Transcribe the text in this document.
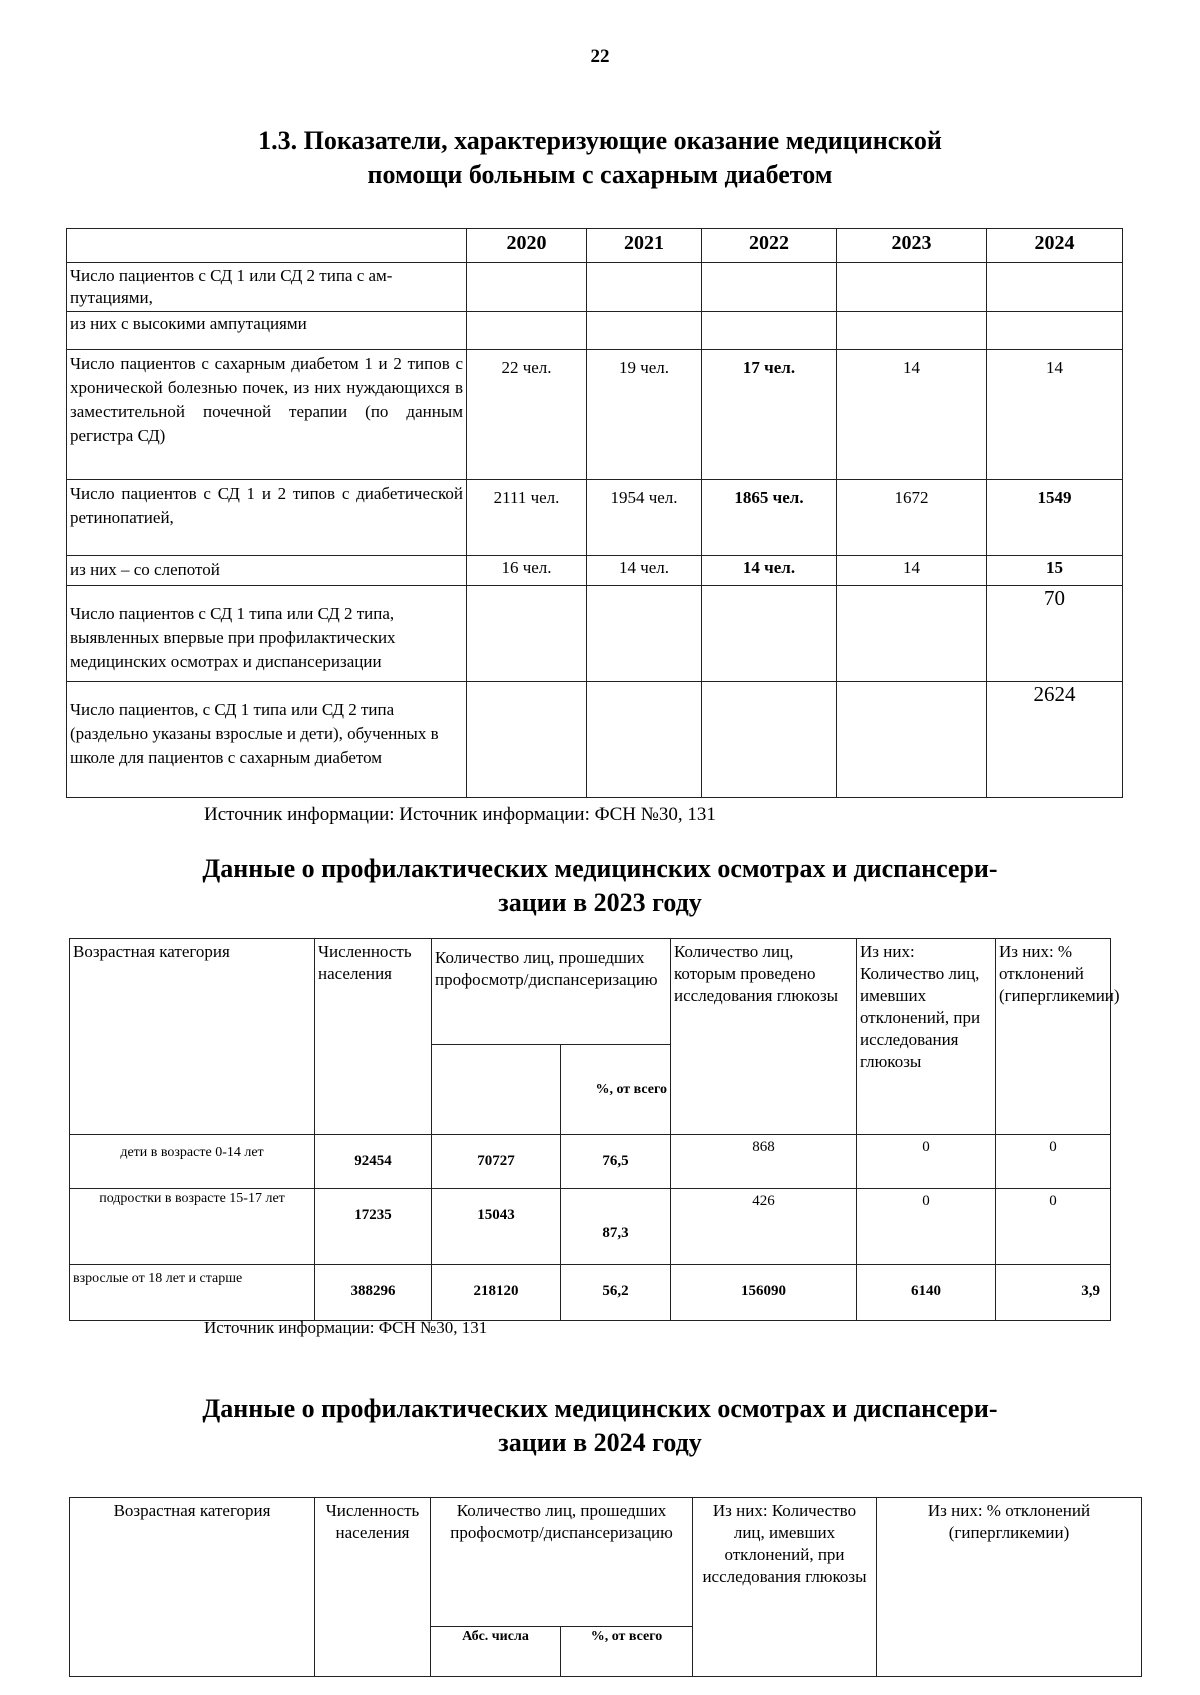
22
1.3. Показатели, характеризующие оказание медицинской
помощи больным с сахарным диабетом
	2020	2021	2022	2023	2024
Число пациентов с СД 1 или СД 2 типа с ам-
путациями,					
из них с высокими ампутациями					
Число пациентов с сахарным диабетом 1 и 2 типов с хронической болезнью почек, из них нуждающихся в заместительной почечной терапии (по данным регистра СД)	22 чел.	19 чел.	17 чел.	14	14
Число пациентов с СД 1 и 2 типов с диабетической ретинопатией,	2111 чел.	1954 чел.	1865 чел.	1672	1549
из них – со слепотой	16 чел.	14 чел.	14 чел.	14	15
Число пациентов с СД 1 типа или СД 2 типа, выявленных впервые при профилактических медицинских осмотрах и диспансеризации					70
Число пациентов, с СД 1 типа или СД 2 типа (раздельно указаны взрослые и дети), обученных в школе для пациентов с сахарным диабетом					2624
Источник информации: Источник информации: ФСН №30, 131
Данные о профилактических медицинских осмотрах и диспансери-
зации в 2023 году
Возрастная категория	Численность населения	Количество лиц, прошедших профосмотр/диспансеризацию		Количество лиц, которым проведено исследования глюкозы	Из них: Количество лиц, имевших отклонений, при исследования глюкозы	Из них: % отклонений (гипергликемии)
			%, от всего			
дети в возрасте 0-14 лет	92454	70727	76,5	868	0	0
подростки в возрасте 15-17 лет	17235	15043	87,3	426	0	0
взрослые от 18 лет и старше	388296	218120	56,2	156090	6140	3,9
Источник информации: ФСН №30, 131
Данные о профилактических медицинских осмотрах и диспансери-
зации в 2024 году
Возрастная категория	Численность населения	Количество лиц, прошедших профосмотр/диспансеризацию		Из них: Количество лиц, имевших отклонений, при исследования глюкозы	Из них: % отклонений (гипергликемии)
		Абс. числа	%, от всего		
